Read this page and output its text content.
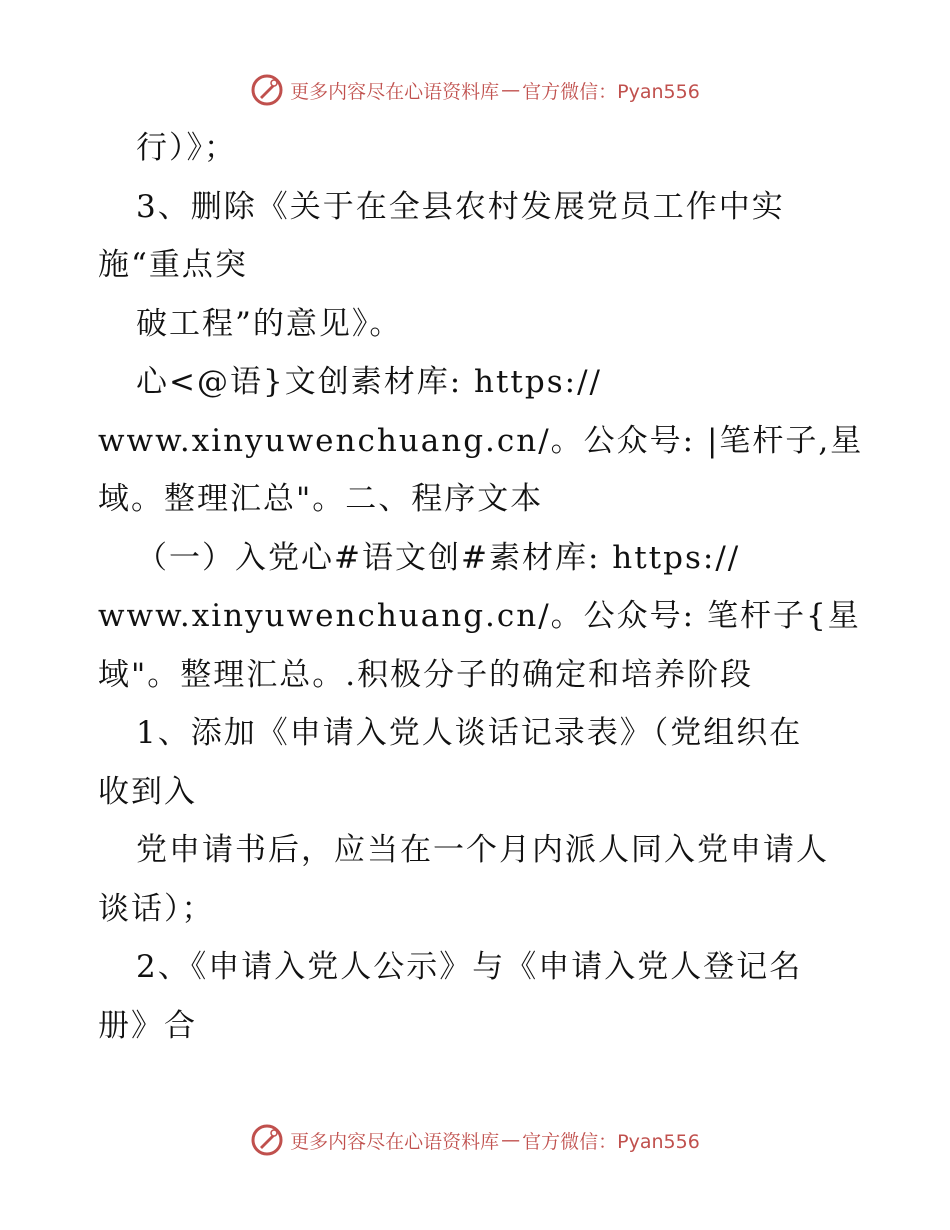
更多内容尽在心语资料库 — 官方微信：Pyan556
行）》；
3、删除《关于在全县农村发展党员工作中实
施“重点突
破工程”的意见》。
心<@语}文创素材库: https://
www.xinyuwenchuang.cn/。公众号: |笔杆子,星
域。整理汇总"。二、程序文本
（一）入党心#语文创#素材库: https://
www.xinyuwenchuang.cn/。公众号: 笔杆子{星
域"。整理汇总。.积极分子的确定和培养阶段
1、添加《申请入党人谈话记录表》（党组织在
收到入
党申请书后，应当在一个月内派人同入党申请人
谈话）；
2、《申请入党人公示》与《申请入党人登记名
册》合
更多内容尽在心语资料库 — 官方微信：Pyan556
